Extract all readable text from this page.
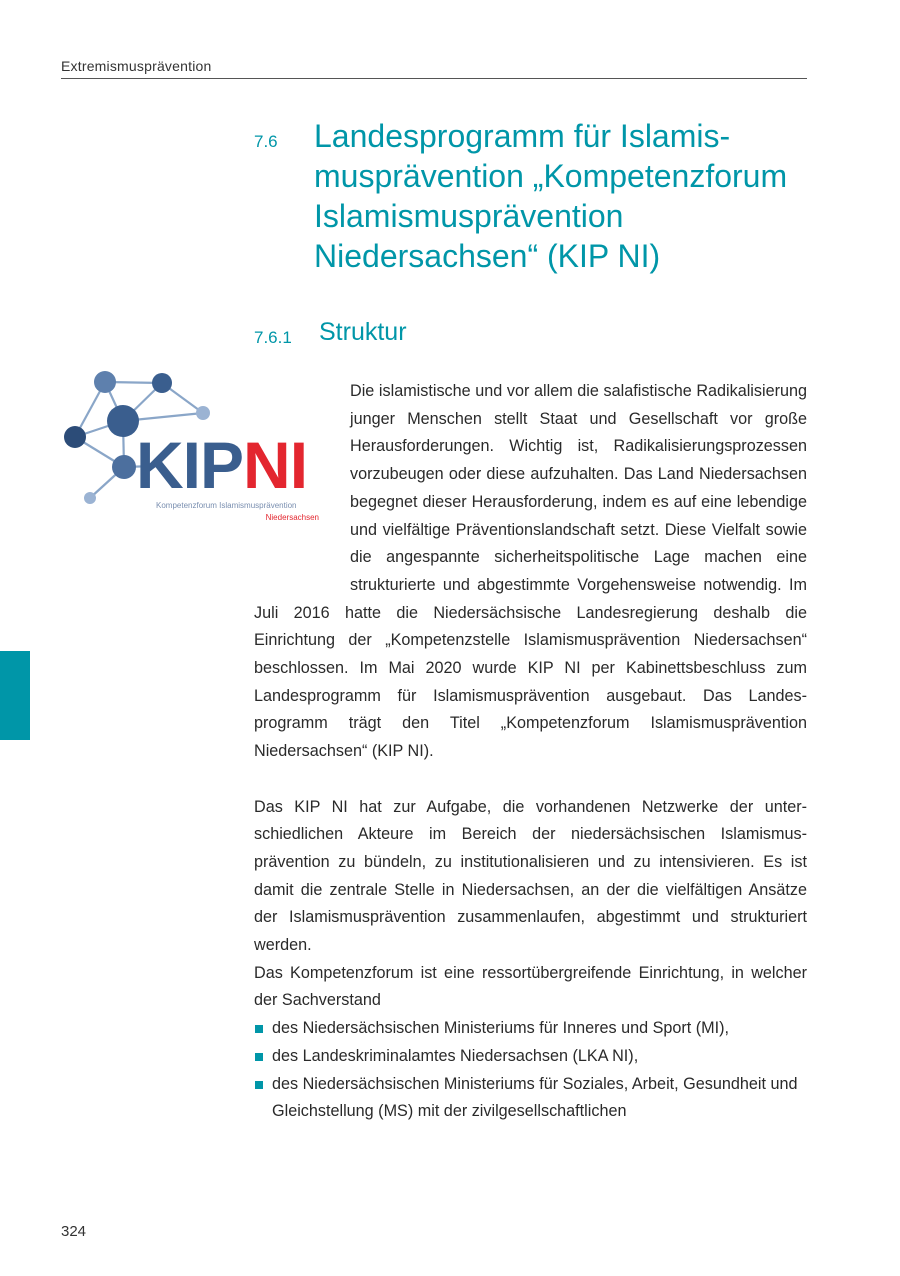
Extremismusprävention
7.6 Landesprogramm für Islamismusprävention „Kompetenzforum Islamismusprävention Niedersachsen“ (KIP NI)
7.6.1 Struktur
KIPNI
Kompetenzforum Islamismusprävention
Niedersachsen

Die islamistische und vor allem die salafistische Radikalisierung junger Menschen stellt Staat und Gesellschaft vor große Herausforderungen. Wichtig ist, Radikalisierungsprozessen vorzubeugen oder diese aufzuhalten. Das Land Niedersachsen begegnet dieser Herausforderung, indem es auf eine lebendige und vielfältige Präventionslandschaft setzt. Diese Vielfalt sowie die angespannte sicherheitspolitische Lage machen eine strukturierte und abgestimmte Vorgehensweise notwendig. Im Juli 2016 hatte die Niedersächsische Landesregierung deshalb die Einrichtung der „Kompetenzstelle Islamismusprävention Niedersachsen“ beschlossen. Im Mai 2020 wurde KIP NI per Kabinettsbeschluss zum Landesprogramm für Islamismusprävention ausgebaut. Das Landesprogramm trägt den Titel „Kompetenzforum Islamismusprävention Niedersachsen“ (KIP NI).

Das KIP NI hat zur Aufgabe, die vorhandenen Netzwerke der unterschiedlichen Akteure im Bereich der niedersächsischen Islamismusprävention zu bündeln, zu institutionalisieren und zu intensivieren. Es ist damit die zentrale Stelle in Niedersachsen, an der die vielfältigen Ansätze der Islamismusprävention zusammenlaufen, abgestimmt und strukturiert werden.

Das Kompetenzforum ist eine ressortübergreifende Einrichtung, in welcher der Sachverstand

des Niedersächsischen Ministeriums für Inneres und Sport (MI),
des Landeskriminalamtes Niedersachsen (LKA NI),
des Niedersächsischen Ministeriums für Soziales, Arbeit, Gesundheit und Gleichstellung (MS) mit der zivilgesellschaftlichen
324
